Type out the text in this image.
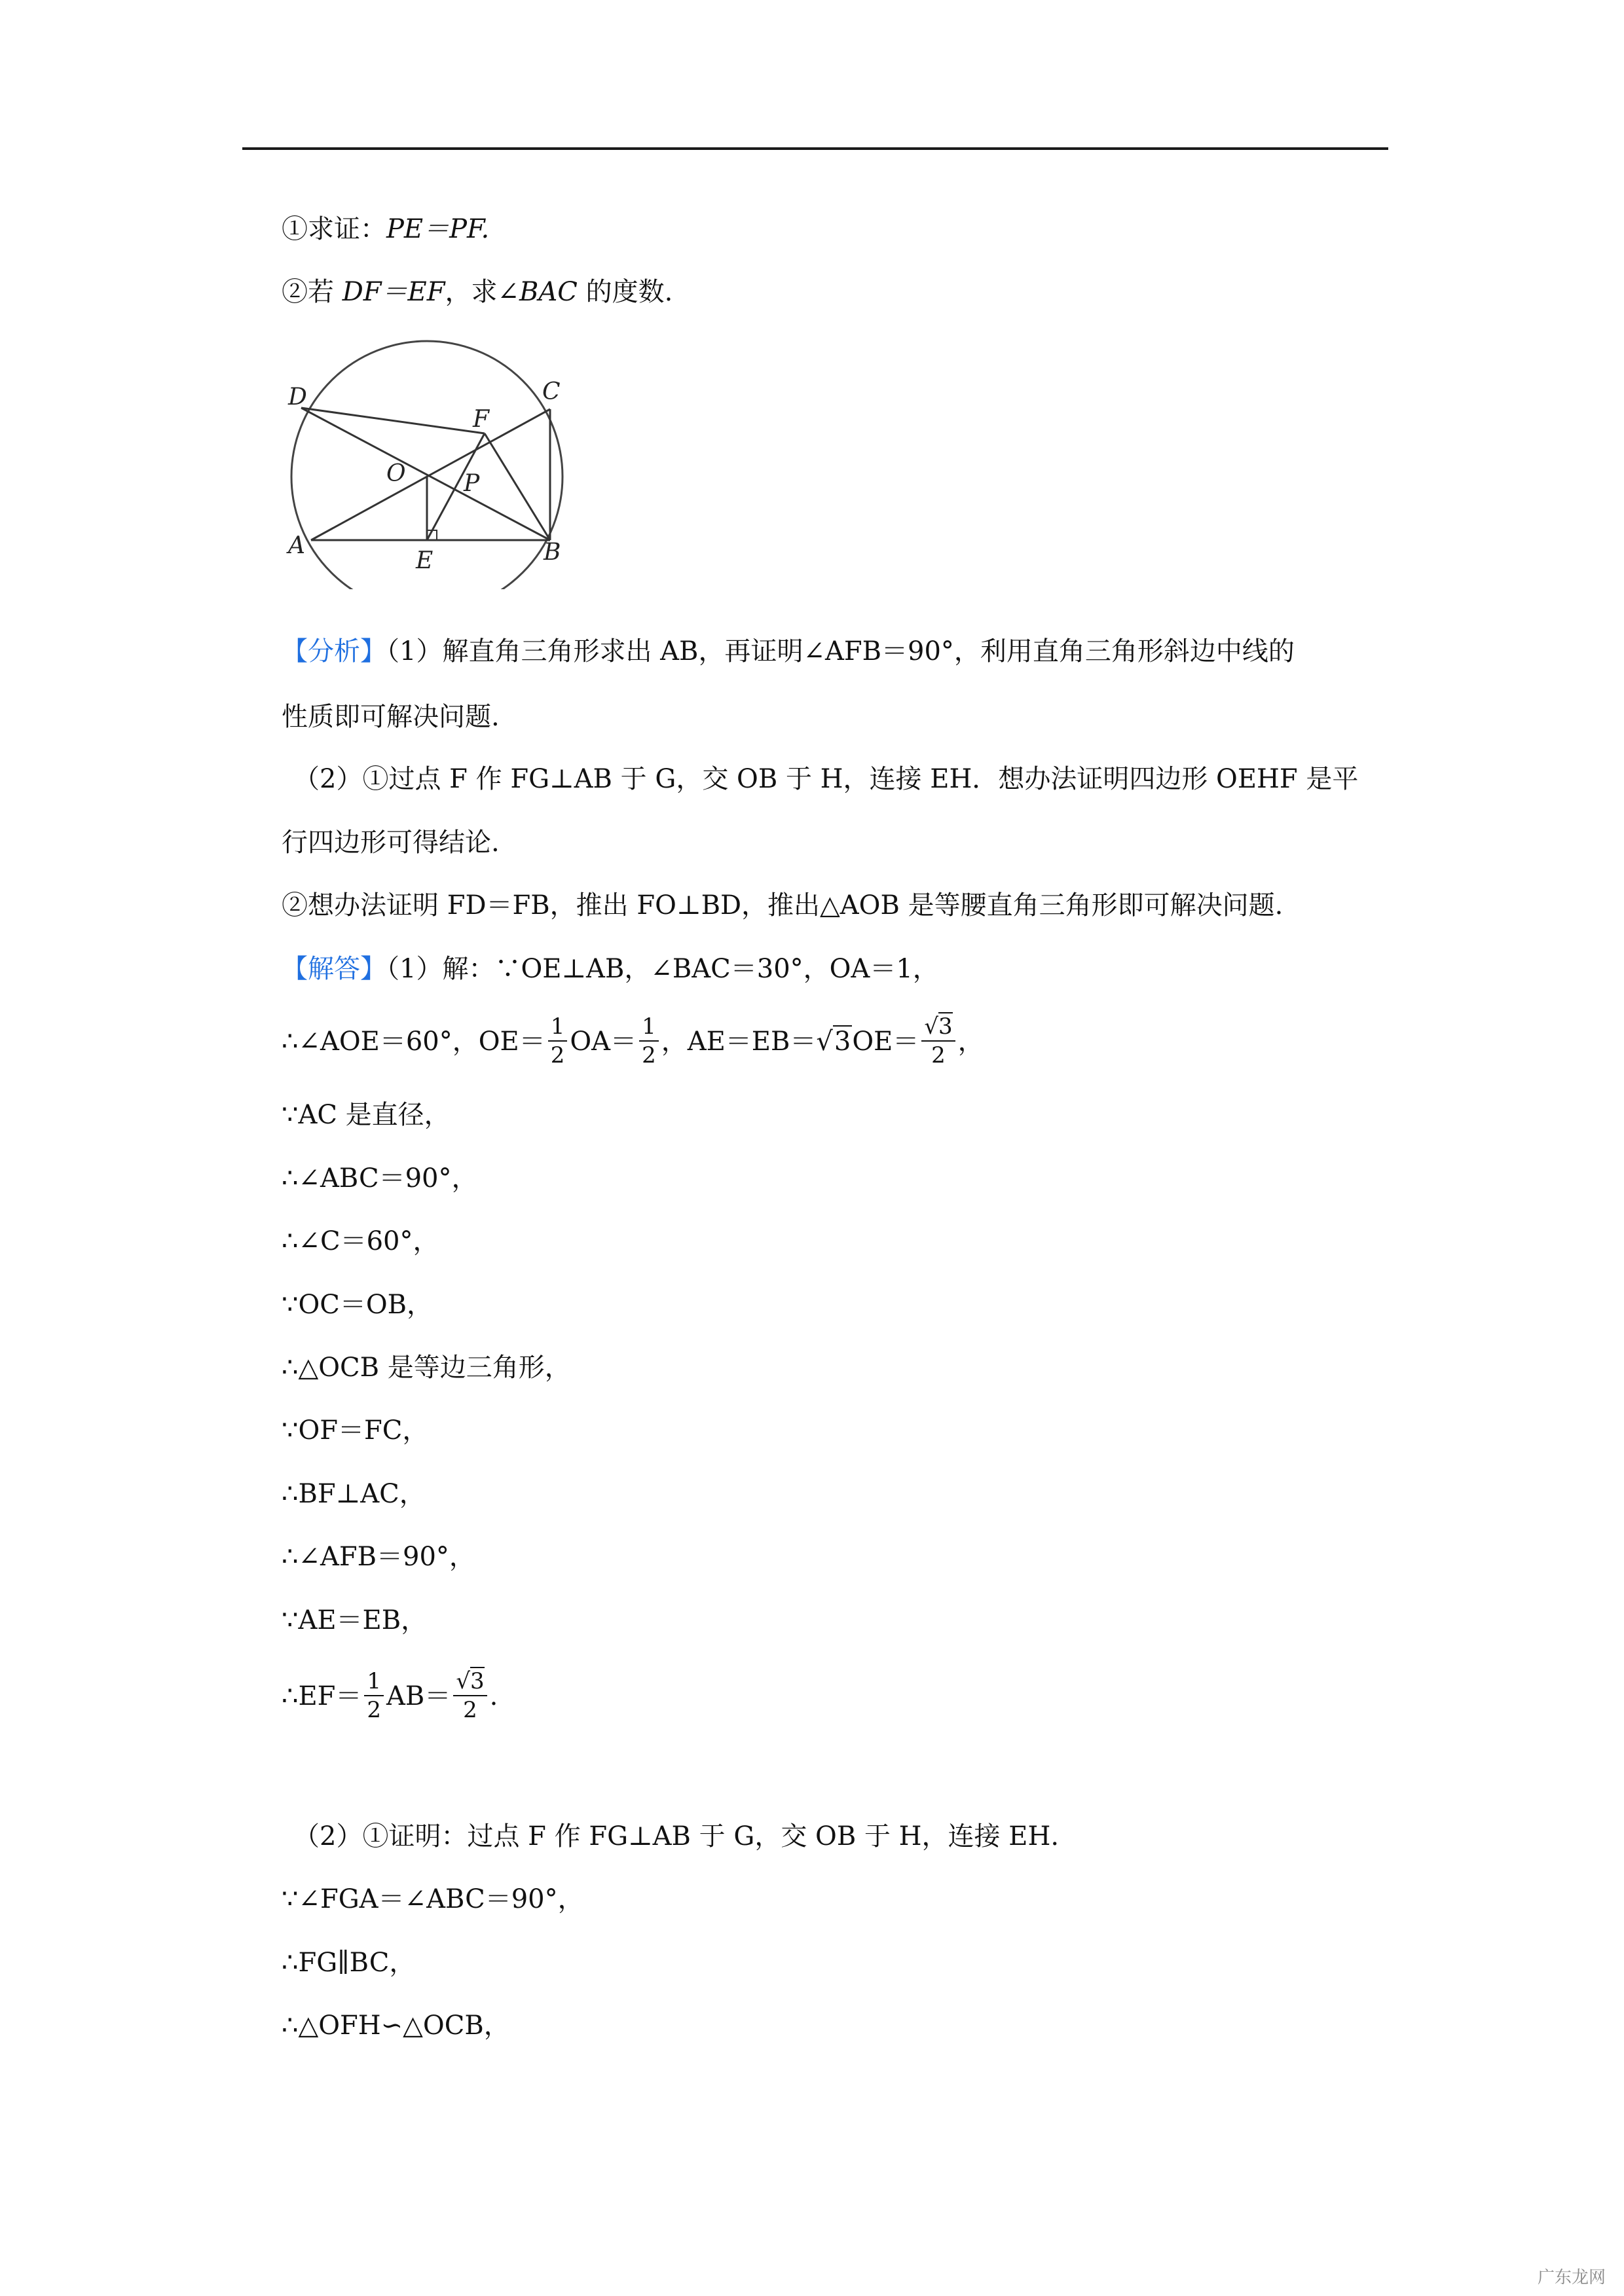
①求证：PE＝PF.
②若 DF＝EF，求∠BAC 的度数.
D	C
F
O P
A
E	B
【分析】（1）解直角三角形求出 AB，再证明∠AFB＝90°，利用直角三角形斜边中线的
性质即可解决问题.
（2）①过点 F 作 FG⊥AB 于 G，交 OB 于 H，连接 EH．想办法证明四边形 OEHF 是平
行四边形可得结论.
②想办法证明 FD＝FB，推出 FO⊥BD，推出△AOB 是等腰直角三角形即可解决问题.
【解答】（1）解：∵OE⊥AB，∠BAC＝30°，OA＝1，
∴∠AOE＝60°，$OE= \frac{1}{2} OA= \frac{1}{2}$ ，$AE=EB=√3OE= \frac{√3}{2}$ ，
∵AC 是直径，
∴∠ABC＝90°，
∴∠C＝60°，
∵OC＝OB，
∴△OCB 是等边三角形，
∵OF＝FC，
∴BF⊥AC，
∴∠AFB＝90°，
∵AE＝EB，
∴EF＝ $\frac{1}{2} AB= \frac{√3}{2}$ .
（2）①证明：过点 F 作 FG⊥AB 于 G，交 OB 于 H，连接 EH.
∵∠FGA＝∠ABC＝90°，
∴FG∥BC，
∴△OFH∽△OCB，
广东龙网
